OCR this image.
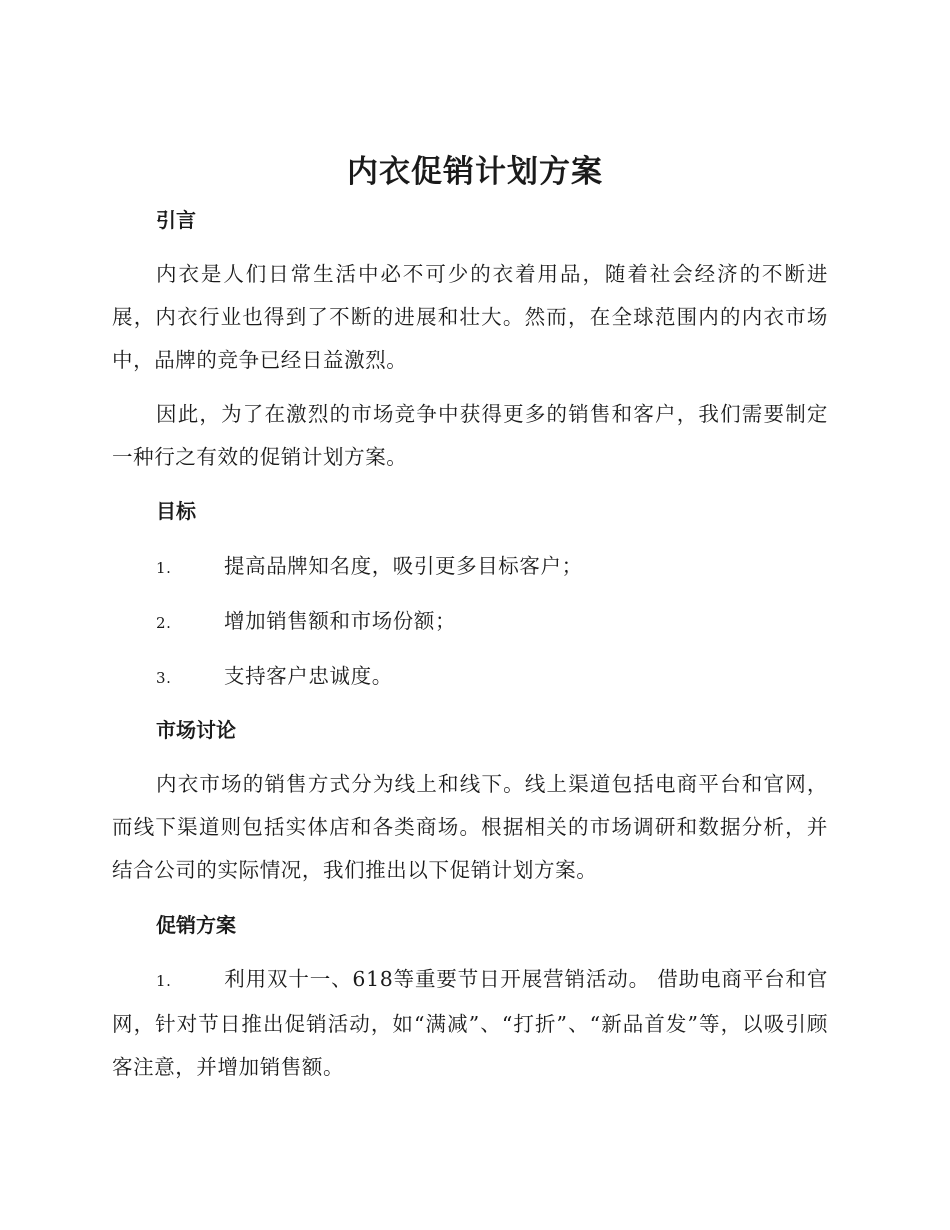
内衣促销计划方案
引言

内衣是人们日常生活中必不可少的衣着用品，随着社会经济的不断进展，内衣行业也得到了不断的进展和壮大。然而，在全球范围内的内衣市场中，品牌的竞争已经日益激烈。

因此，为了在激烈的市场竞争中获得更多的销售和客户，我们需要制定一种行之有效的促销计划方案。

目标

1.	提高品牌知名度，吸引更多目标客户；

2.	增加销售额和市场份额；

3.	支持客户忠诚度。

市场讨论

内衣市场的销售方式分为线上和线下。线上渠道包括电商平台和官网，而线下渠道则包括实体店和各类商场。根据相关的市场调研和数据分析，并结合公司的实际情况，我们推出以下促销计划方案。

促销方案

1.	利用双十一、618等重要节日开展营销活动。 借助电商平台和官网，针对节日推出促销活动，如“满减”、“打折”、“新品首发”等，以吸引顾客注意，并增加销售额。
